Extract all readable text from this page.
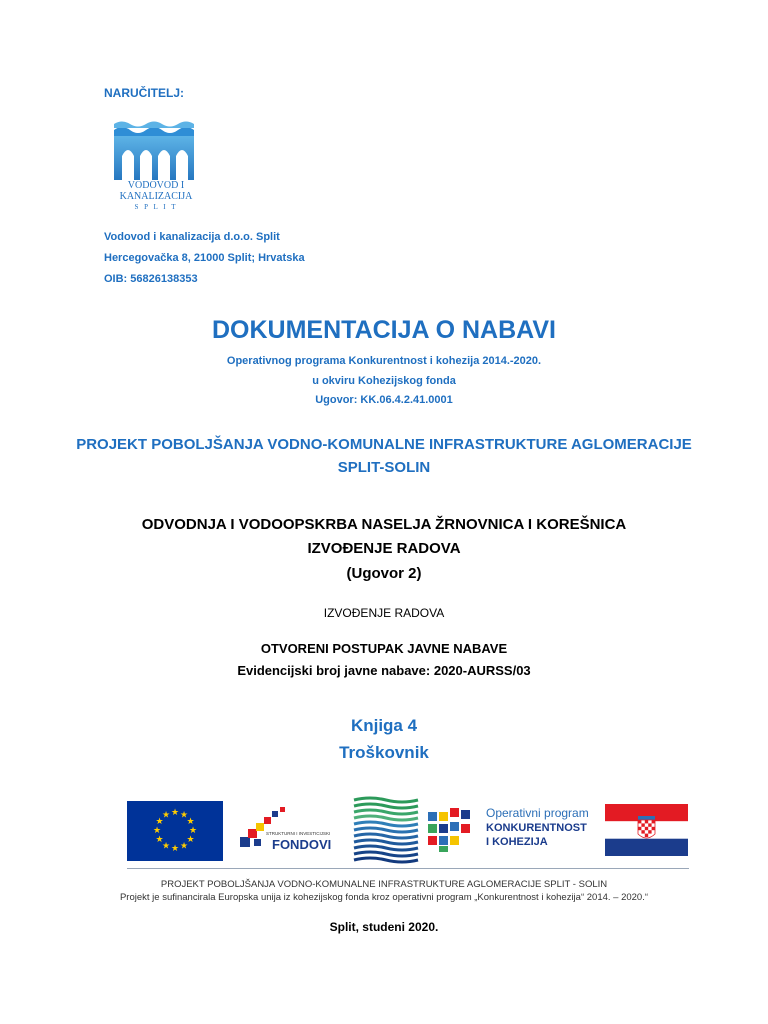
NARUČITELJ:
VODOVOD I
KANALIZACIJA
S P L I T
Vodovod i kanalizacija d.o.o. Split
Hercegovačka 8, 21000 Split; Hrvatska
OIB: 56826138353
DOKUMENTACIJA O NABAVI
Operativnog programa Konkurentnost i kohezija 2014.-2020.
u okviru Kohezijskog fonda
Ugovor: KK.06.4.2.41.0001
PROJEKT POBOLJŠANJA VODNO-KOMUNALNE INFRASTRUKTURE AGLOMERACIJE
SPLIT-SOLIN
ODVODNJA I VODOOPSKRBA NASELJA ŽRNOVNICA I KOREŠNICA
IZVOĐENJE RADOVA
(Ugovor 2)
IZVOĐENJE RADOVA
OTVORENI POSTUPAK JAVNE NABAVE
Evidencijski broj javne nabave: 2020-AURSS/03
Knjiga 4
Troškovnik
★ ★
★
★
★
★
★
★
★
★
★
★
STRUKTURNI I INVESTICIJSKI
FONDOVI
Operativni program
KONKURENTNOST
I KOHEZIJA
PROJEKT POBOLJŠANJA VODNO-KOMUNALNE INFRASTRUKTURE AGLOMERACIJE SPLIT - SOLIN
Projekt je sufinancirala Europska unija iz kohezijskog fonda kroz operativni program „Konkurentnost i kohezija“ 2014. – 2020.“
Split, studeni 2020.
